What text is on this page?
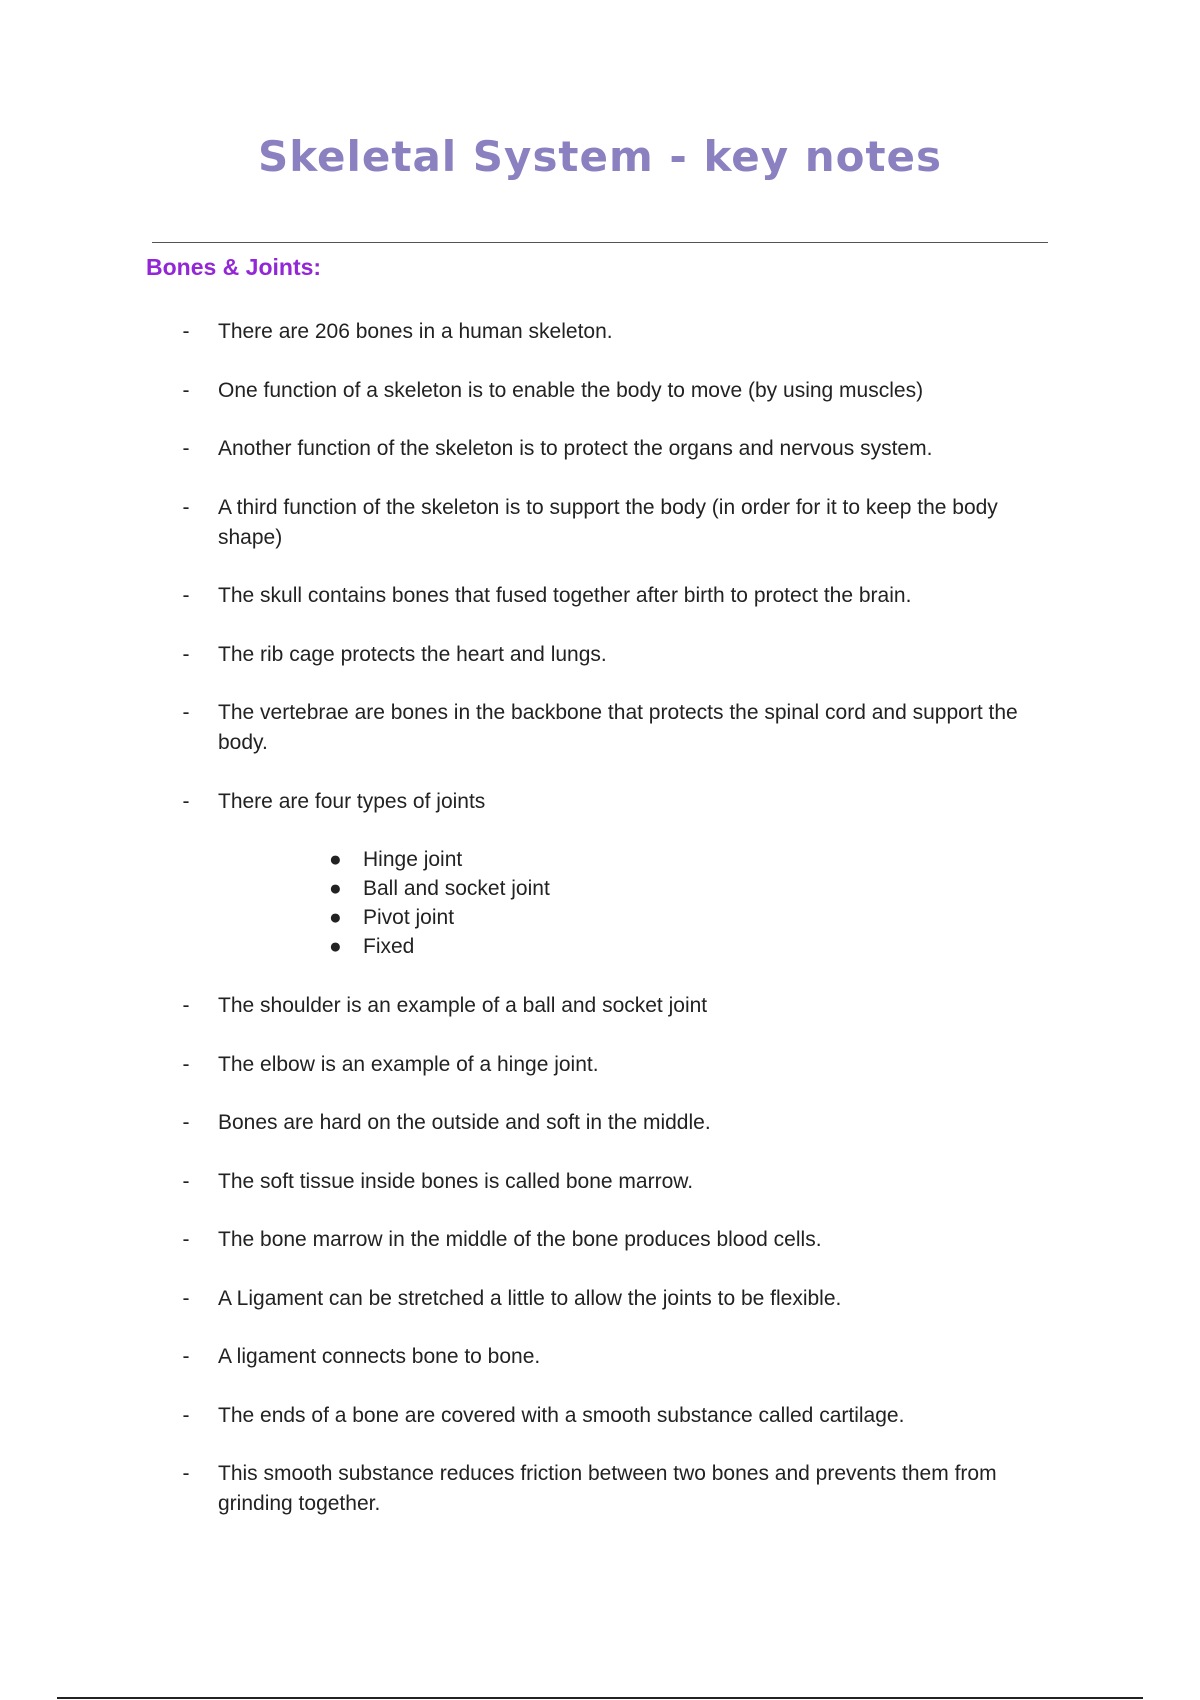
Skeletal System - key notes
Bones & Joints:
- There are 206 bones in a human skeleton.
- One function of a skeleton is to enable the body to move (by using muscles)
- Another function of the skeleton is to protect the organs and nervous system.
- A third function of the skeleton is to support the body (in order for it to keep the body shape)
- The skull contains bones that fused together after birth to protect the brain.
- The rib cage protects the heart and lungs.
- The vertebrae are bones in the backbone that protects the spinal cord and support the body.
- There are four types of joints
● Hinge joint
● Ball and socket joint
● Pivot joint
● Fixed
- The shoulder is an example of a ball and socket joint
- The elbow is an example of a hinge joint.
- Bones are hard on the outside and soft in the middle.
- The soft tissue inside bones is called bone marrow.
- The bone marrow in the middle of the bone produces blood cells.
- A Ligament can be stretched a little to allow the joints to be flexible.
- A ligament connects bone to bone.
- The ends of a bone are covered with a smooth substance called cartilage.
- This smooth substance reduces friction between two bones and prevents them from grinding together.
